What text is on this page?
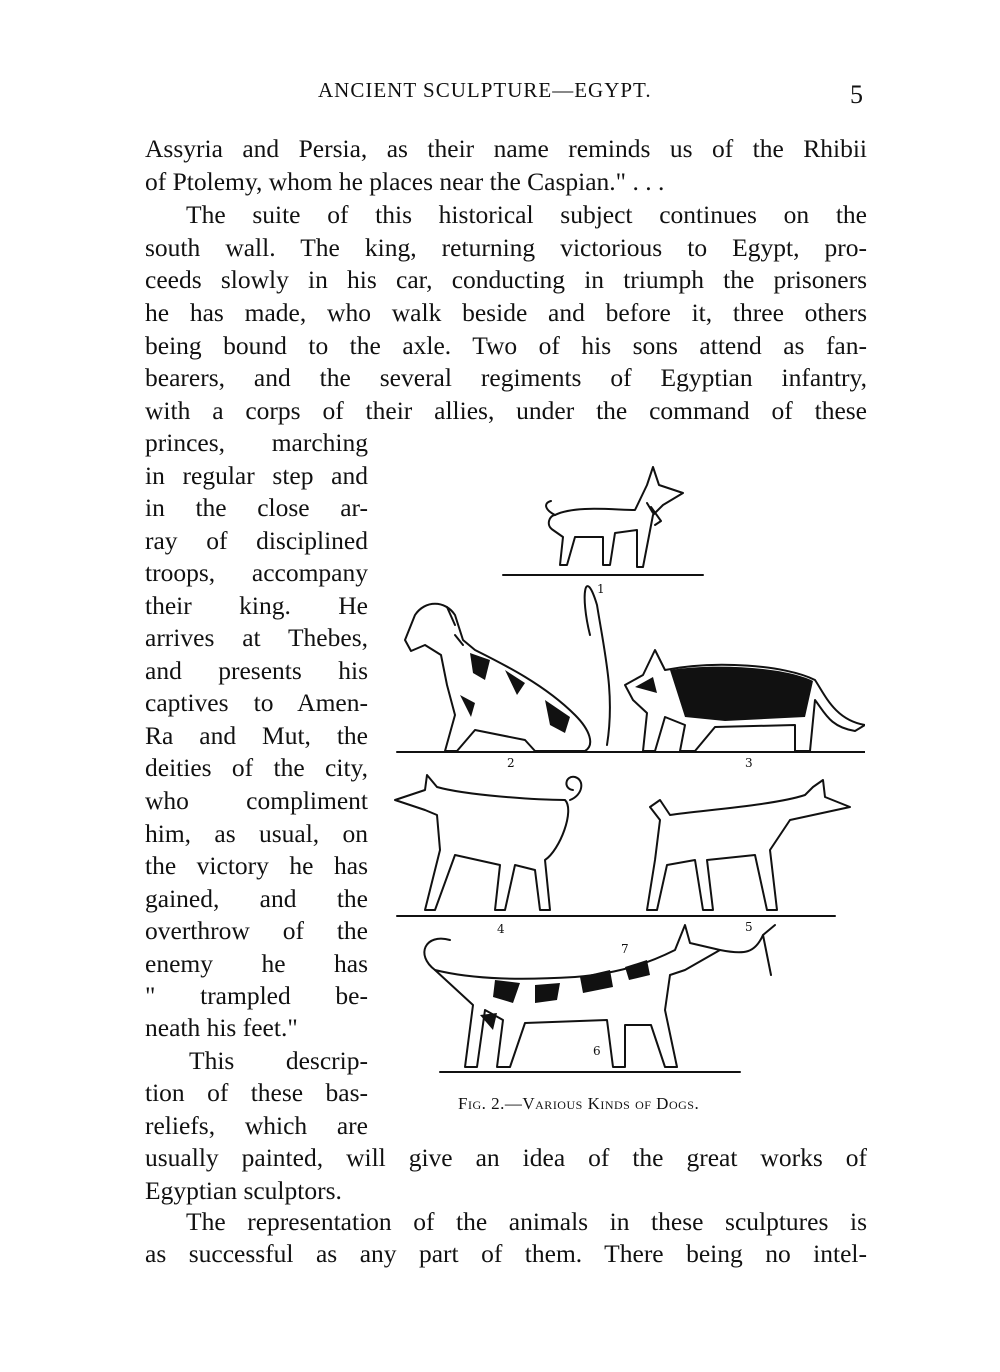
ANCIENT SCULPTURE—EGYPT.	5
Assyria and Persia, as their name reminds us of the Rhibii
of Ptolemy, whom he places near the Caspian." . . .
The suite of this historical subject continues on the
south wall. The king, returning victorious to Egypt, pro-
ceeds slowly in his car, conducting in triumph the prisoners
he has made, who walk beside and before it, three others
being bound to the axle. Two of his sons attend as fan-
bearers, and the several regiments of Egyptian infantry,
with a corps of their allies, under the command of these
princes, marching
in regular step and
in the close ar-
ray of disciplined
troops, accompany
their king. He
arrives at Thebes,
and presents his
captives to Amen-
Ra and Mut, the
deities of the city,
who compliment
him, as usual, on
the victory he has
gained, and the
overthrow of the
enemy he has
" trampled be-
neath his feet."
This descrip-
tion of these bas-
reliefs, which are
usually painted, will give an idea of the great works of
Egyptian sculptors.
The representation of the animals in these sculptures is
as successful as any part of them. There being no intel-
1
2	3
4	5
7
6
Fig. 2.—Various Kinds of Dogs.
